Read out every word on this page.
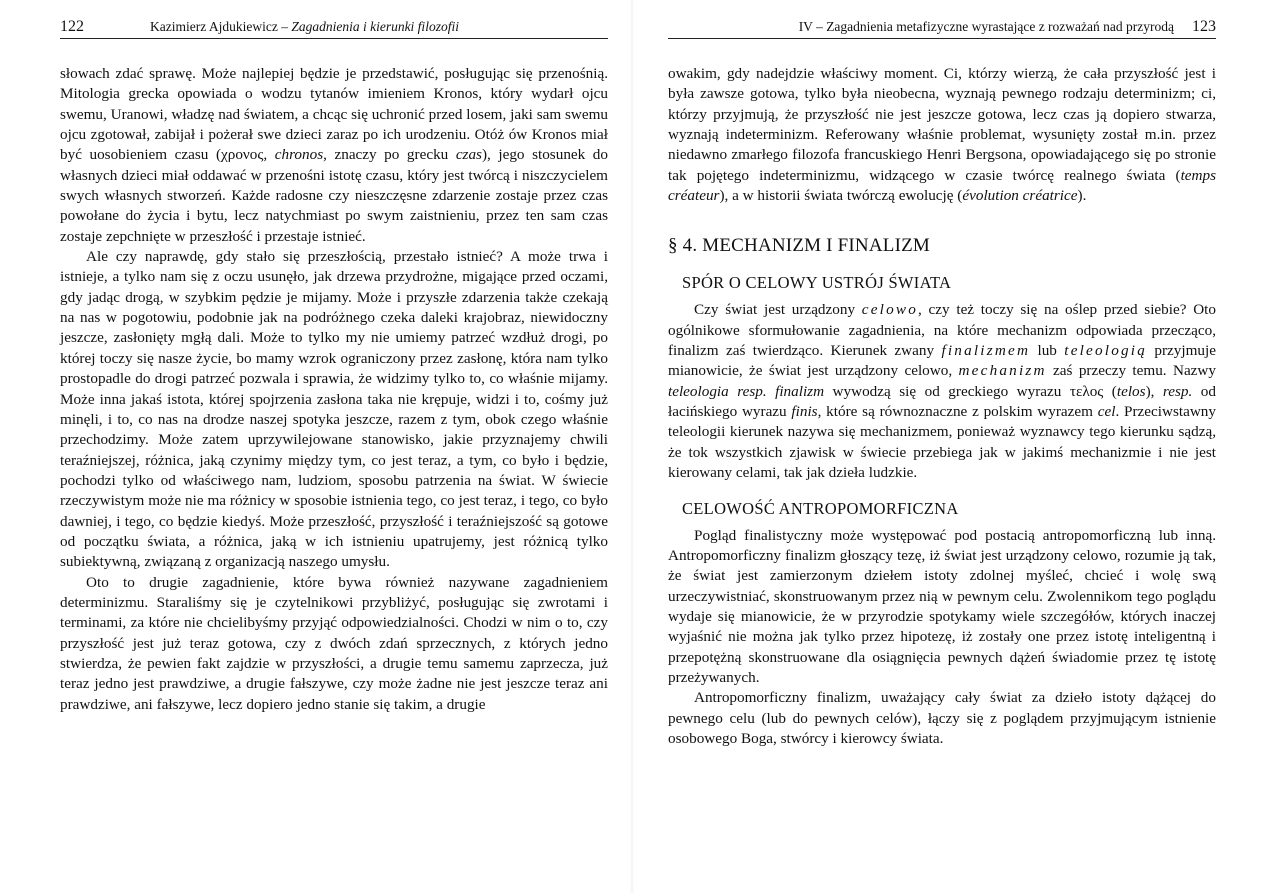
122	Kazimierz Ajdukiewicz – Zagadnienia i kierunki filozofii

słowach zdać sprawę. Może najlepiej będzie je przedstawić, posługując się przenośnią. Mitologia grecka opowiada o wodzu tytanów imieniem Kronos, który wydarł ojcu swemu, Uranowi, władzę nad światem, a chcąc się uchronić przed losem, jaki sam swemu ojcu zgotował, zabijał i pożerał swe dzieci zaraz po ich urodzeniu. Otóż ów Kronos miał być uosobieniem czasu (χρονος, chronos, znaczy po grecku czas), jego stosunek do własnych dzieci miał oddawać w przenośni istotę czasu, który jest twórcą i niszczycielem swych własnych stworzeń. Każde radosne czy nieszczęsne zdarzenie zostaje przez czas powołane do życia i bytu, lecz natychmiast po swym zaistnieniu, przez ten sam czas zostaje zepchnięte w przeszłość i przestaje istnieć.

Ale czy naprawdę, gdy stało się przeszłością, przestało istnieć? A może trwa i istnieje, a tylko nam się z oczu usunęło, jak drzewa przydrożne, migające przed oczami, gdy jadąc drogą, w szybkim pędzie je mijamy. Może i przyszłe zdarzenia także czekają na nas w pogotowiu, podobnie jak na podróżnego czeka daleki krajobraz, niewidoczny jeszcze, zasłonięty mgłą dali. Może to tylko my nie umiemy patrzeć wzdłuż drogi, po której toczy się nasze życie, bo mamy wzrok ograniczony przez zasłonę, która nam tylko prostopadle do drogi patrzeć pozwala i sprawia, że widzimy tylko to, co właśnie mijamy. Może inna jakaś istota, której spojrzenia zasłona taka nie krępuje, widzi i to, cośmy już minęli, i to, co nas na drodze naszej spotyka jeszcze, razem z tym, obok czego właśnie przechodzimy. Może zatem uprzywilejowane stanowisko, jakie przyznajemy chwili teraźniejszej, różnica, jaką czynimy między tym, co jest teraz, a tym, co było i będzie, pochodzi tylko od właściwego nam, ludziom, sposobu patrzenia na świat. W świecie rzeczywistym może nie ma różnicy w sposobie istnienia tego, co jest teraz, i tego, co było dawniej, i tego, co będzie kiedyś. Może przeszłość, przyszłość i teraźniejszość są gotowe od początku świata, a różnica, jaką w ich istnieniu upatrujemy, jest różnicą tylko subiektywną, związaną z organizacją naszego umysłu.

Oto to drugie zagadnienie, które bywa również nazywane zagadnieniem determinizmu. Staraliśmy się je czytelnikowi przybliżyć, posługując się zwrotami i terminami, za które nie chcielibyśmy przyjąć odpowiedzialności. Chodzi w nim o to, czy przyszłość jest już teraz gotowa, czy z dwóch zdań sprzecznych, z których jedno stwierdza, że pewien fakt zajdzie w przyszłości, a drugie temu samemu zaprzecza, już teraz jedno jest prawdziwe, a drugie fałszywe, czy może żadne nie jest jeszcze teraz ani prawdziwe, ani fałszywe, lecz dopiero jedno stanie się takim, a drugie

IV – Zagadnienia metafizyczne wyrastające z rozważań nad przyrodą 123

owakim, gdy nadejdzie właściwy moment. Ci, którzy wierzą, że cała przyszłość jest i była zawsze gotowa, tylko była nieobecna, wyznają pewnego rodzaju determinizm; ci, którzy przyjmują, że przyszłość nie jest jeszcze gotowa, lecz czas ją dopiero stwarza, wyznają indeterminizm. Referowany właśnie problemat, wysunięty został m.in. przez niedawno zmarłego filozofa francuskiego Henri Bergsona, opowiadającego się po stronie tak pojętego indeterminizmu, widzącego w czasie twórcę realnego świata (temps créateur), a w historii świata twórczą ewolucję (évolution créatrice).

§ 4. MECHANIZM I FINALIZM
SPÓR O CELOWY USTRÓJ ŚWIATA

Czy świat jest urządzony celowo, czy też toczy się na oślep przed siebie? Oto ogólnikowe sformułowanie zagadnienia, na które mechanizm odpowiada przecząco, finalizm zaś twierdząco. Kierunek zwany finalizmem lub teleologią przyjmuje mianowicie, że świat jest urządzony celowo, mechanizm zaś przeczy temu. Nazwy teleologia resp. finalizm wywodzą się od greckiego wyrazu τελος (telos), resp. od łacińskiego wyrazu finis, które są równoznaczne z polskim wyrazem cel. Przeciwstawny teleologii kierunek nazywa się mechanizmem, ponieważ wyznawcy tego kierunku sądzą, że tok wszystkich zjawisk w świecie przebiega jak w jakimś mechanizmie i nie jest kierowany celami, tak jak dzieła ludzkie.

CELOWOŚĆ ANTROPOMORFICZNA

Pogląd finalistyczny może występować pod postacią antropomorficzną lub inną. Antropomorficzny finalizm głoszący tezę, iż świat jest urządzony celowo, rozumie ją tak, że świat jest zamierzonym dziełem istoty zdolnej myśleć, chcieć i wolę swą urzeczywistniać, skonstruowanym przez nią w pewnym celu. Zwolennikom tego poglądu wydaje się mianowicie, że w przyrodzie spotykamy wiele szczegółów, których inaczej wyjaśnić nie można jak tylko przez hipotezę, iż zostały one przez istotę inteligentną i przepotężną skonstruowane dla osiągnięcia pewnych dążeń świadomie przez tę istotę przeżywanych.

Antropomorficzny finalizm, uważający cały świat za dzieło istoty dążącej do pewnego celu (lub do pewnych celów), łączy się z poglądem przyjmującym istnienie osobowego Boga, stwórcy i kierowcy świata.
